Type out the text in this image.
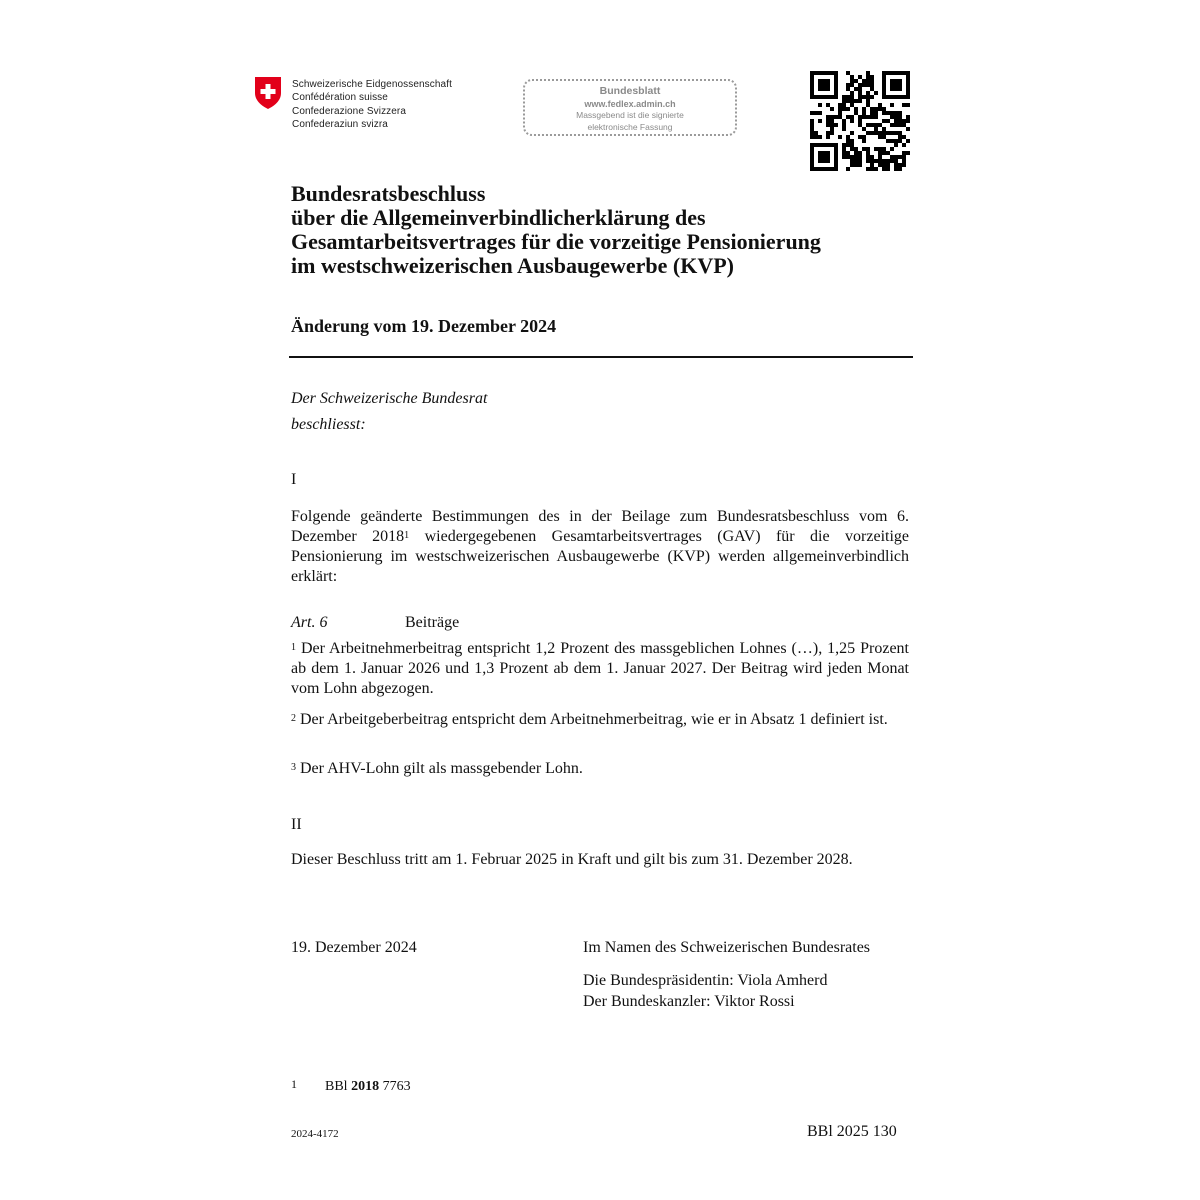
Schweizerische Eidgenossenschaft
Confédération suisse
Confederazione Svizzera
Confederaziun svizra
Bundesblatt
www.fedlex.admin.ch
Massgebend ist die signierte
elektronische Fassung
Bundesratsbeschluss
über die Allgemeinverbindlicherklärung des
Gesamtarbeitsvertrages für die vorzeitige Pensionierung
im westschweizerischen Ausbaugewerbe (KVP)
Änderung vom 19. Dezember 2024
Der Schweizerische Bundesrat
beschliesst:
I
Folgende geänderte Bestimmungen des in der Beilage zum Bundesratsbeschluss vom 6. Dezember 2018$^1$ wiedergegebenen Gesamtarbeitsvertrages (GAV) für die vorzeitige Pensionierung im westschweizerischen Ausbaugewerbe (KVP) werden allgemeinverbindlich erklärt:
Art. 6	Beiträge
$^1$ Der Arbeitnehmerbeitrag entspricht 1,2 Prozent des massgeblichen Lohnes (…), 1,25 Prozent ab dem 1. Januar 2026 und 1,3 Prozent ab dem 1. Januar 2027. Der Beitrag wird jeden Monat vom Lohn abgezogen.
$^2$ Der Arbeitgeberbeitrag entspricht dem Arbeitnehmerbeitrag, wie er in Absatz 1 definiert ist.
$^3$ Der AHV-Lohn gilt als massgebender Lohn.
II
Dieser Beschluss tritt am 1. Februar 2025 in Kraft und gilt bis zum 31. Dezember 2028.
19. Dezember 2024	Im Namen des Schweizerischen Bundesrates
Die Bundespräsidentin: Viola Amherd
Der Bundeskanzler: Viktor Rossi
1 BBl 2018 7763
2024-4172	BBl 2025 130
